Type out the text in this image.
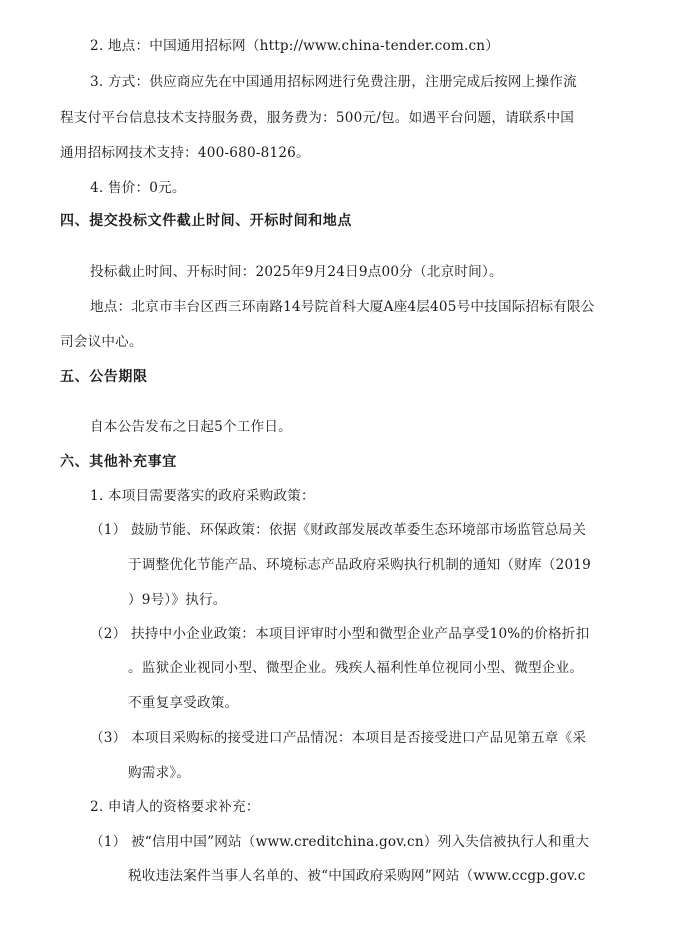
2. 地点：中国通用招标网（http://www.china-tender.com.cn）
3. 方式：供应商应先在中国通用招标网进行免费注册，注册完成后按网上操作流
程支付平台信息技术支持服务费，服务费为：500元/包。如遇平台问题，请联系中国
通用招标网技术支持：400-680-8126。
4. 售价：0元。
四、提交投标文件截止时间、开标时间和地点
投标截止时间、开标时间：2025年9月24日9点00分（北京时间）。
地点：北京市丰台区西三环南路14号院首科大厦A座4层405号中技国际招标有限公
司会议中心。
五、公告期限
自本公告发布之日起5个工作日。
六、其他补充事宜
1. 本项目需要落实的政府采购政策：
（1） 鼓励节能、环保政策：依据《财政部发展改革委生态环境部市场监管总局关
于调整优化节能产品、环境标志产品政府采购执行机制的通知（财库（2019
）9号）》执行。
（2） 扶持中小企业政策：本项目评审时小型和微型企业产品享受10%的价格折扣
。监狱企业视同小型、微型企业。残疾人福利性单位视同小型、微型企业。
不重复享受政策。
（3） 本项目采购标的接受进口产品情况：本项目是否接受进口产品见第五章《采
购需求》。
2. 申请人的资格要求补充：
（1） 被“信用中国”网站（www.creditchina.gov.cn）列入失信被执行人和重大
税收违法案件当事人名单的、被“中国政府采购网”网站（www.ccgp.gov.c
